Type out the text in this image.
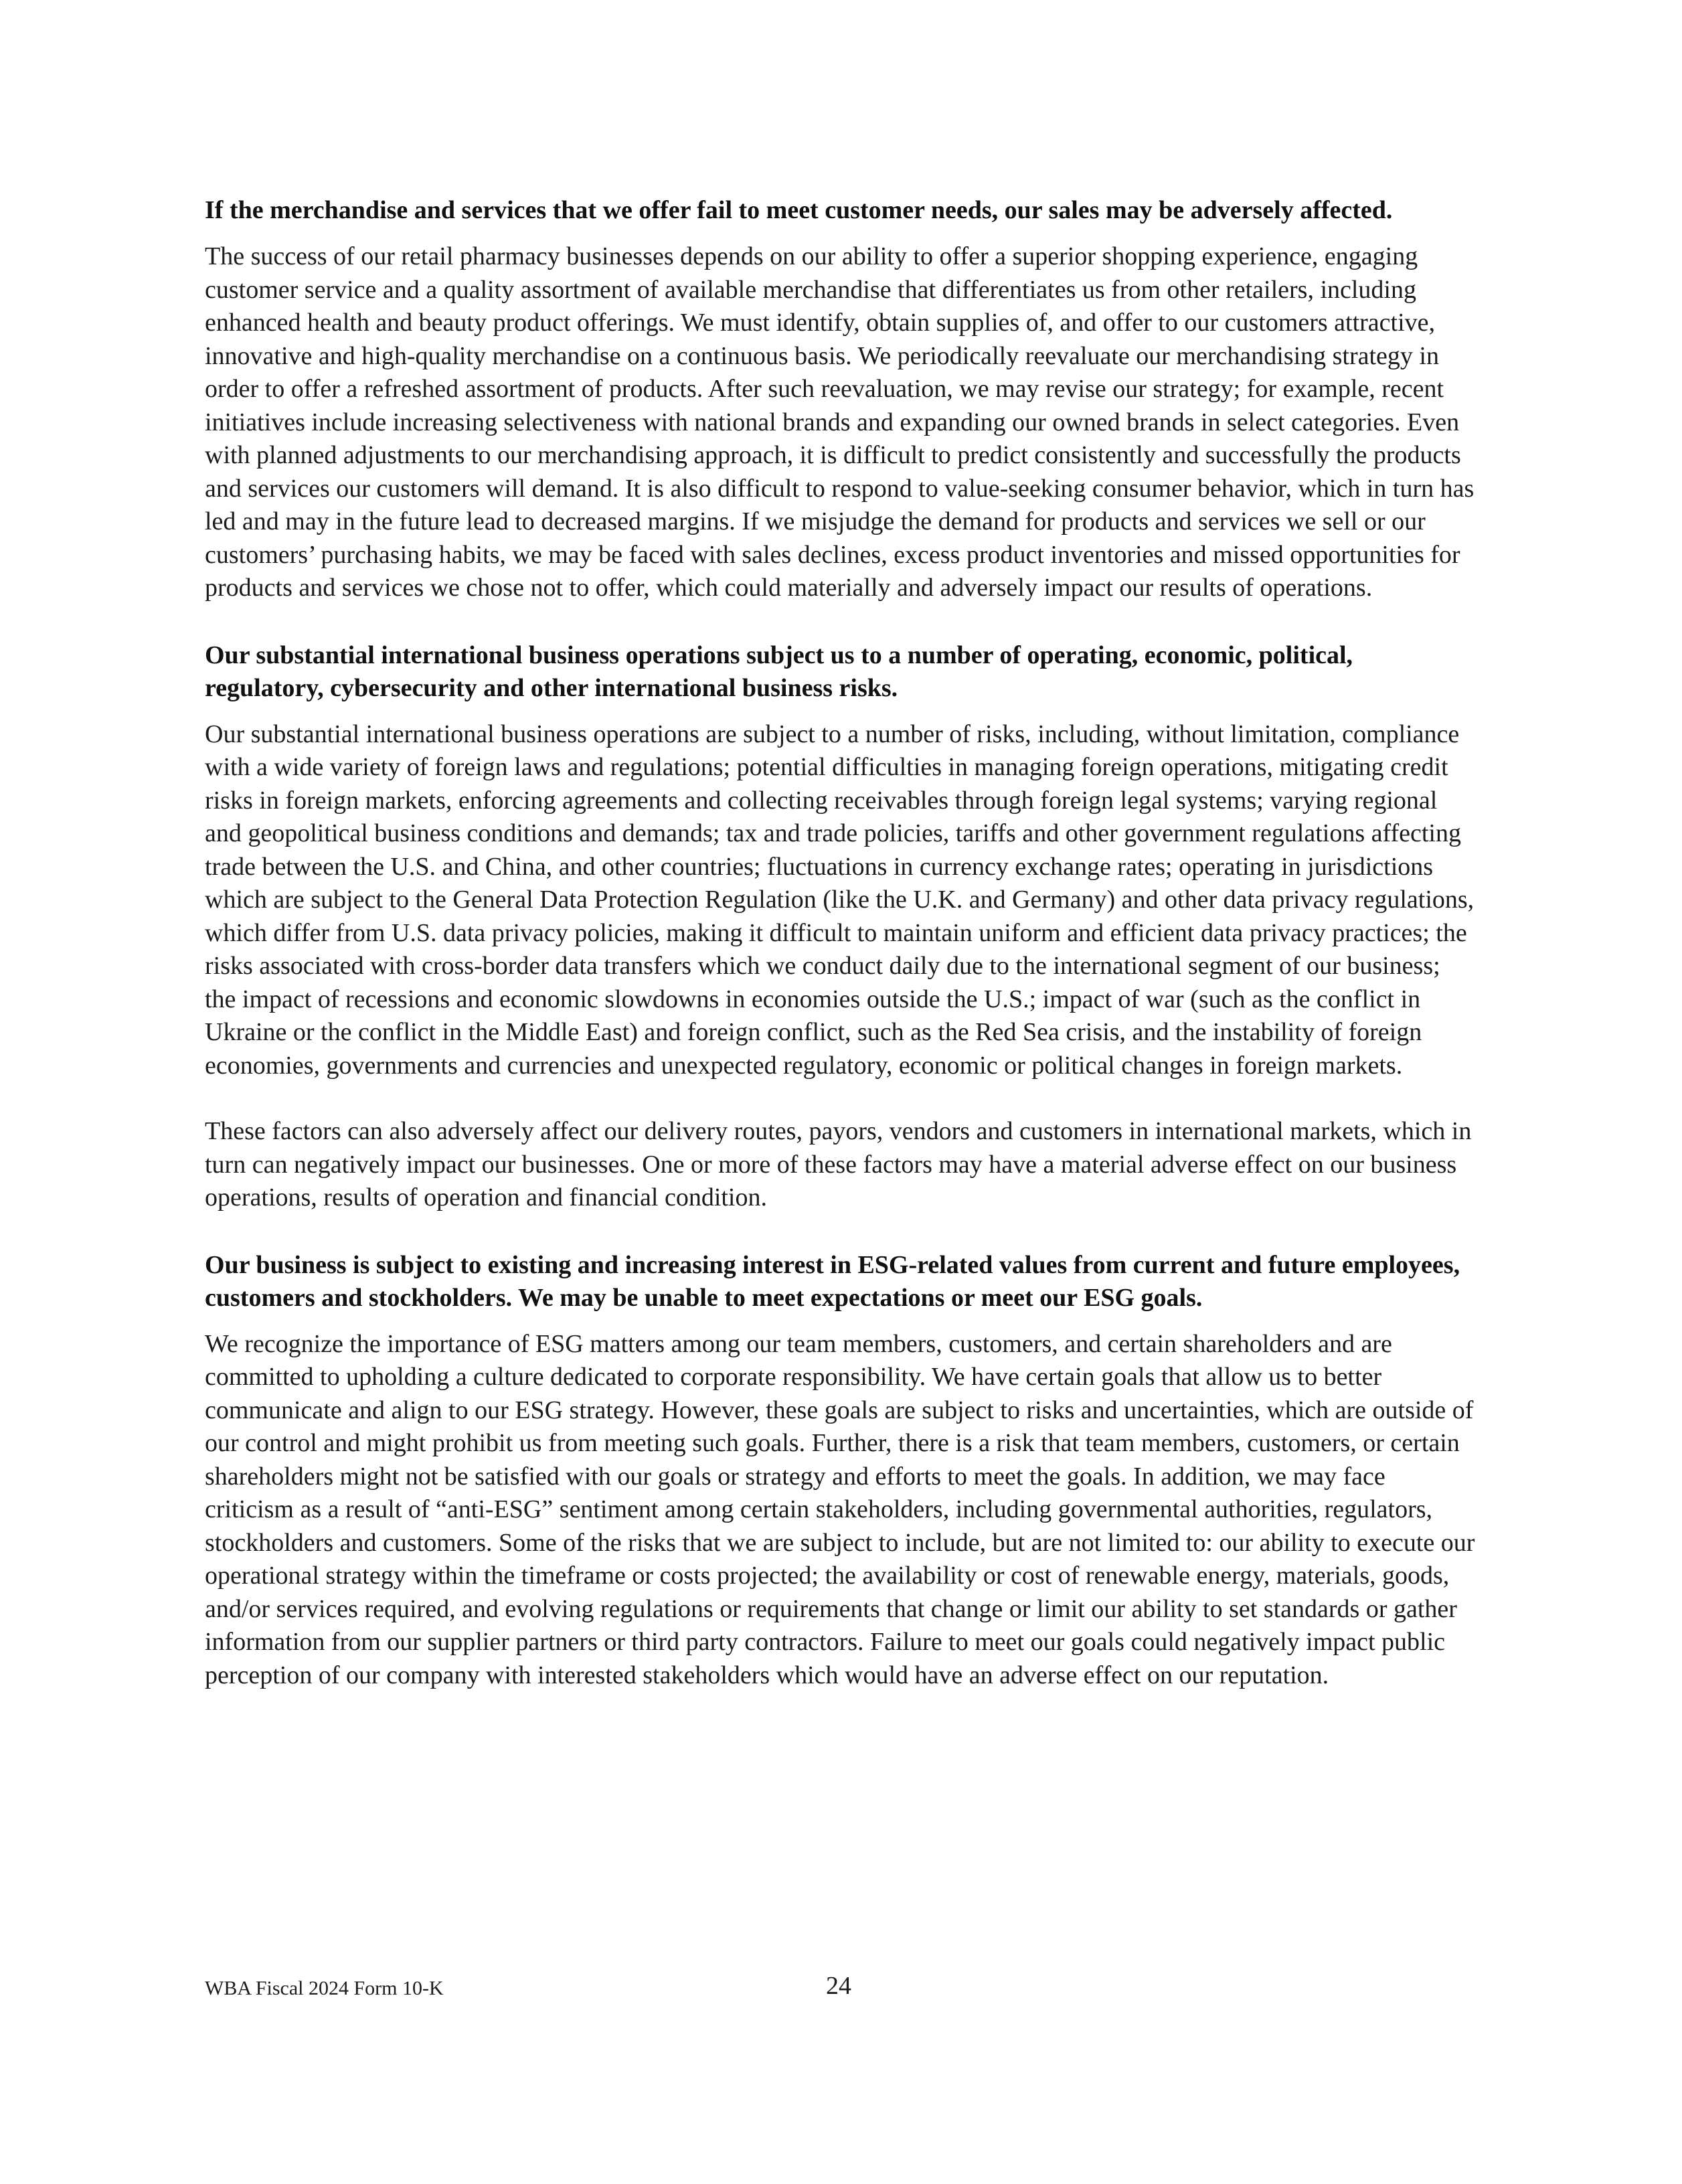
If the merchandise and services that we offer fail to meet customer needs, our sales may be adversely affected.

The success of our retail pharmacy businesses depends on our ability to offer a superior shopping experience, engaging customer service and a quality assortment of available merchandise that differentiates us from other retailers, including enhanced health and beauty product offerings. We must identify, obtain supplies of, and offer to our customers attractive, innovative and high-quality merchandise on a continuous basis. We periodically reevaluate our merchandising strategy in order to offer a refreshed assortment of products. After such reevaluation, we may revise our strategy; for example, recent initiatives include increasing selectiveness with national brands and expanding our owned brands in select categories. Even with planned adjustments to our merchandising approach, it is difficult to predict consistently and successfully the products and services our customers will demand. It is also difficult to respond to value-seeking consumer behavior, which in turn has led and may in the future lead to decreased margins. If we misjudge the demand for products and services we sell or our customers’ purchasing habits, we may be faced with sales declines, excess product inventories and missed opportunities for products and services we chose not to offer, which could materially and adversely impact our results of operations.

Our substantial international business operations subject us to a number of operating, economic, political, regulatory, cybersecurity and other international business risks.

Our substantial international business operations are subject to a number of risks, including, without limitation, compliance with a wide variety of foreign laws and regulations; potential difficulties in managing foreign operations, mitigating credit risks in foreign markets, enforcing agreements and collecting receivables through foreign legal systems; varying regional and geopolitical business conditions and demands; tax and trade policies, tariffs and other government regulations affecting trade between the U.S. and China, and other countries; fluctuations in currency exchange rates; operating in jurisdictions which are subject to the General Data Protection Regulation (like the U.K. and Germany) and other data privacy regulations, which differ from U.S. data privacy policies, making it difficult to maintain uniform and efficient data privacy practices; the risks associated with cross-border data transfers which we conduct daily due to the international segment of our business; the impact of recessions and economic slowdowns in economies outside the U.S.; impact of war (such as the conflict in Ukraine or the conflict in the Middle East) and foreign conflict, such as the Red Sea crisis, and the instability of foreign economies, governments and currencies and unexpected regulatory, economic or political changes in foreign markets.

These factors can also adversely affect our delivery routes, payors, vendors and customers in international markets, which in turn can negatively impact our businesses. One or more of these factors may have a material adverse effect on our business operations, results of operation and financial condition.

Our business is subject to existing and increasing interest in ESG-related values from current and future employees, customers and stockholders. We may be unable to meet expectations or meet our ESG goals.

We recognize the importance of ESG matters among our team members, customers, and certain shareholders and are committed to upholding a culture dedicated to corporate responsibility. We have certain goals that allow us to better communicate and align to our ESG strategy. However, these goals are subject to risks and uncertainties, which are outside of our control and might prohibit us from meeting such goals. Further, there is a risk that team members, customers, or certain shareholders might not be satisfied with our goals or strategy and efforts to meet the goals. In addition, we may face criticism as a result of “anti-ESG” sentiment among certain stakeholders, including governmental authorities, regulators, stockholders and customers. Some of the risks that we are subject to include, but are not limited to: our ability to execute our operational strategy within the timeframe or costs projected; the availability or cost of renewable energy, materials, goods, and/or services required, and evolving regulations or requirements that change or limit our ability to set standards or gather information from our supplier partners or third party contractors. Failure to meet our goals could negatively impact public perception of our company with interested stakeholders which would have an adverse effect on our reputation.

WBA Fiscal 2024 Form 10-K	24
